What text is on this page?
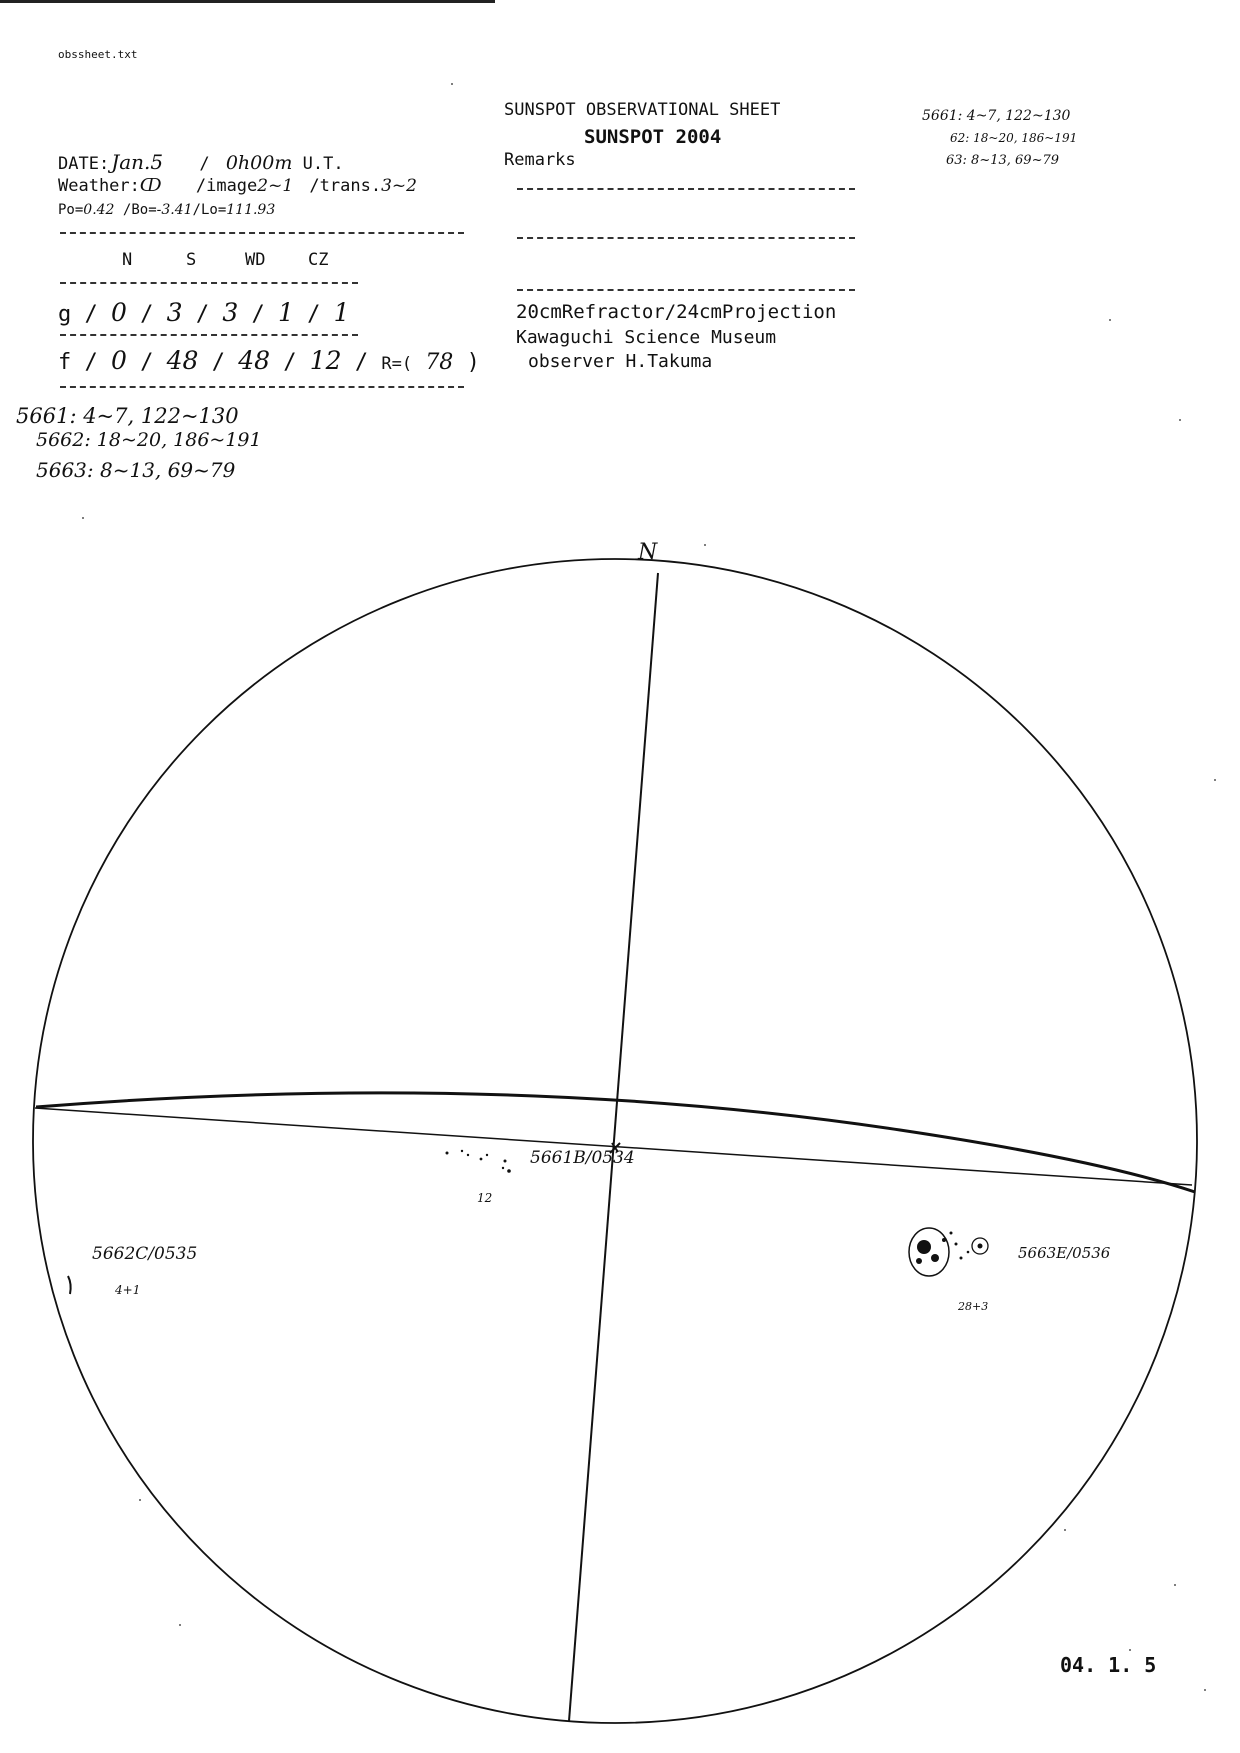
obssheet.txt
SUNSPOT OBSERVATIONAL SHEET
SUNSPOT 2004
DATE: Jan.5 / 0h00m U.T.
Weather:ↀ /image2~1 /trans.3~2
Po=0.42 /Bo=-3.41/Lo=111.93
N	S	WD	CZ
g / 0 / 3 / 3 / 1 / 1
f / 0 / 48 / 48 / 12 / R=( 78 )
Remarks
20cmRefractor/24cmProjection
Kawaguchi Science Museum
observer H.Takuma
5661: 4~7, 122~130
5662: 18~20, 186~191
5663: 8~13, 69~79
5661: 4~7, 122~130
62: 18~20, 186~191
63: 8~13, 69~79
N
5661B/0534
12
5662C/0535
4+1
5663E/0536
28+3
04. 1. 5
